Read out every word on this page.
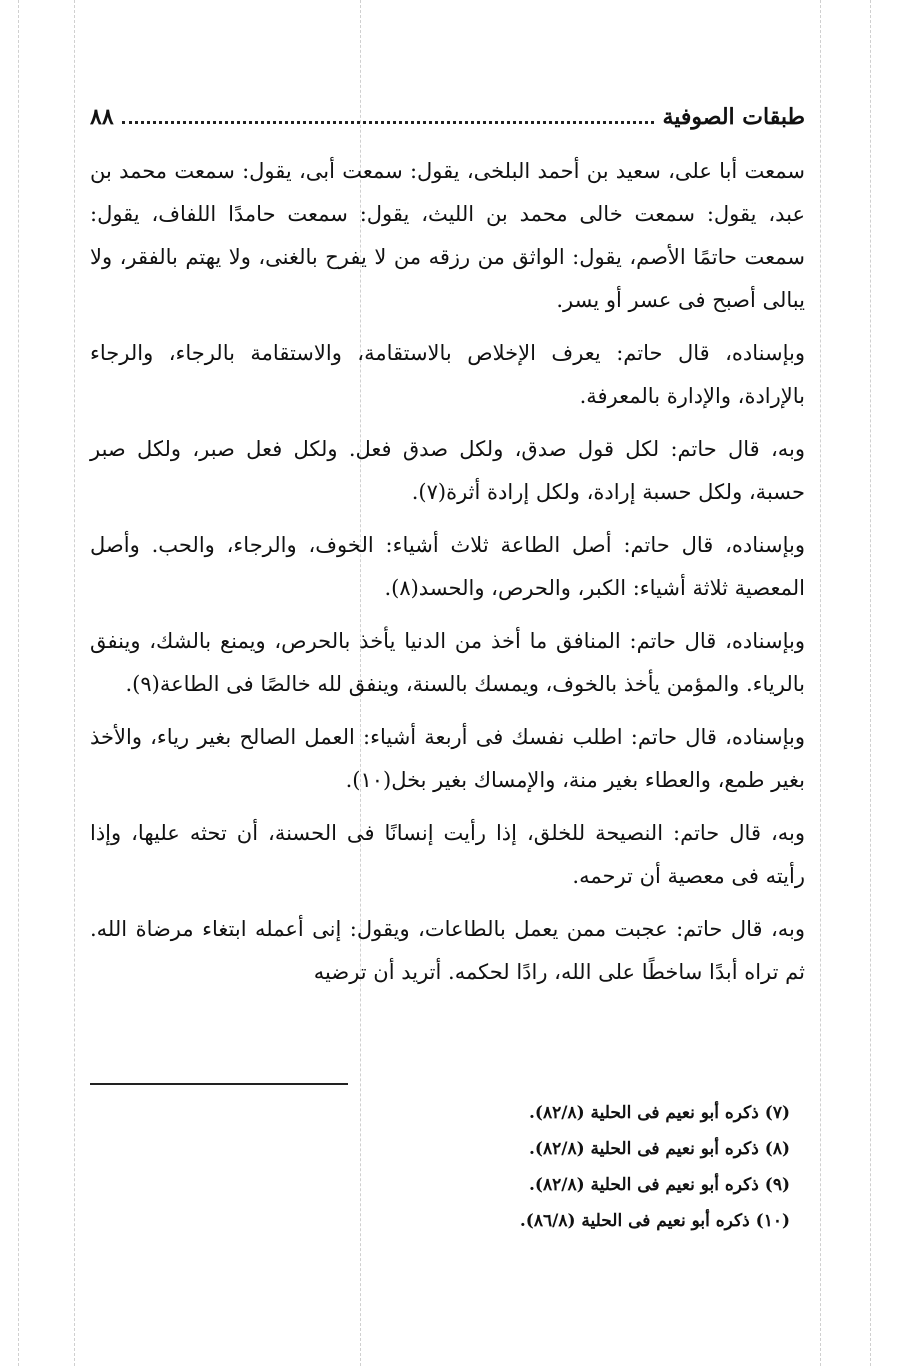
طبقات الصوفية
٨٨

سمعت أبا على، سعيد بن أحمد البلخى، يقول: سمعت أبى، يقول: سمعت محمد بن عبد، يقول: سمعت خالى محمد بن الليث، يقول: سمعت حامدًا اللفاف، يقول: سمعت حاتمًا الأصم، يقول: الواثق من رزقه من لا يفرح بالغنى، ولا يهتم بالفقر، ولا يبالى أصبح فى عسر أو يسر.

وبإسناده، قال حاتم: يعرف الإخلاص بالاستقامة، والاستقامة بالرجاء، والرجاء بالإرادة، والإدارة بالمعرفة.

وبه، قال حاتم: لكل قول صدق، ولكل صدق فعل. ولكل فعل صبر، ولكل صبر حسبة، ولكل حسبة إرادة، ولكل إرادة أثرة(٧).

وبإسناده، قال حاتم: أصل الطاعة ثلاث أشياء: الخوف، والرجاء، والحب. وأصل المعصية ثلاثة أشياء: الكبر، والحرص، والحسد(٨).

وبإسناده، قال حاتم: المنافق ما أخذ من الدنيا يأخذ بالحرص، ويمنع بالشك، وينفق بالرياء. والمؤمن يأخذ بالخوف، ويمسك بالسنة، وينفق لله خالصًا فى الطاعة(٩).

وبإسناده، قال حاتم: اطلب نفسك فى أربعة أشياء: العمل الصالح بغير رياء، والأخذ بغير طمع، والعطاء بغير منة، والإمساك بغير بخل(١٠).

وبه، قال حاتم: النصيحة للخلق، إذا رأيت إنسانًا فى الحسنة، أن تحثه عليها، وإذا رأيته فى معصية أن ترحمه.

وبه، قال حاتم: عجبت ممن يعمل بالطاعات، ويقول: إنى أعمله ابتغاء مرضاة الله. ثم تراه أبدًا ساخطًا على الله، رادًا لحكمه. أتريد أن ترضيه

(٧) ذكره أبو نعيم فى الحلية (٨٢/٨).
(٨) ذكره أبو نعيم فى الحلية (٨٢/٨).
(٩) ذكره أبو نعيم فى الحلية (٨٢/٨).
(١٠) ذكره أبو نعيم فى الحلية (٨٦/٨).
